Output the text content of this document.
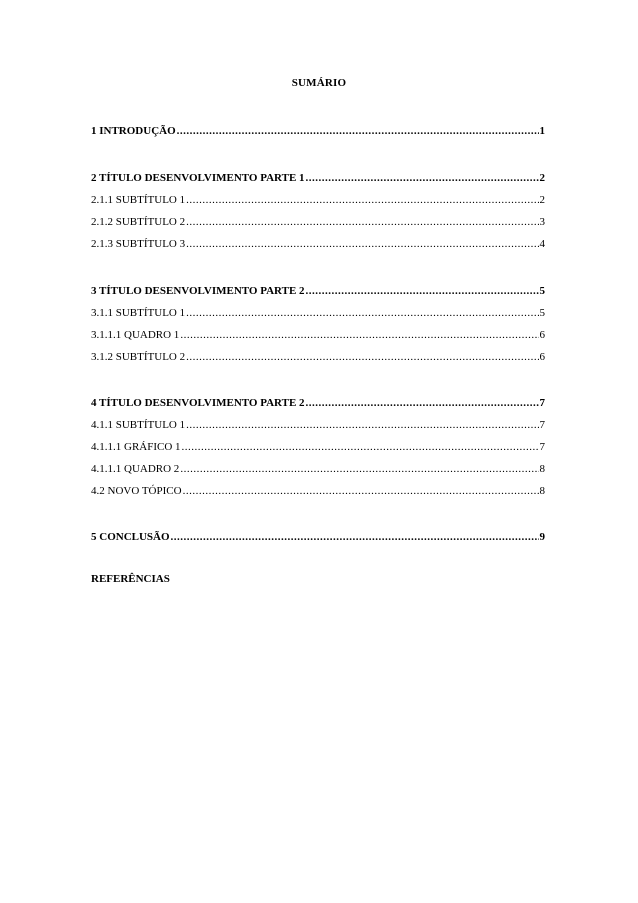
SUMÁRIO
1 INTRODUÇÃO .....	1
2 TÍTULO DESENVOLVIMENTO PARTE 1 .....	2
2.1.1 SUBTÍTULO 1 .....	2
2.1.2 SUBTÍTULO 2 .....	3
2.1.3 SUBTÍTULO 3 .....	4
3 TÍTULO DESENVOLVIMENTO PARTE 2 .....	5
3.1.1 SUBTÍTULO 1 .....	5
3.1.1.1 QUADRO 1 .....	6
3.1.2 SUBTÍTULO 2 .....	6
4 TÍTULO DESENVOLVIMENTO PARTE 2 .....	7
4.1.1 SUBTÍTULO 1 .....	7
4.1.1.1 GRÁFICO 1 .....	7
4.1.1.1 QUADRO 2 .....	8
4.2 NOVO TÓPICO .....	8
5 CONCLUSÃO .....	9
REFERÊNCIAS
